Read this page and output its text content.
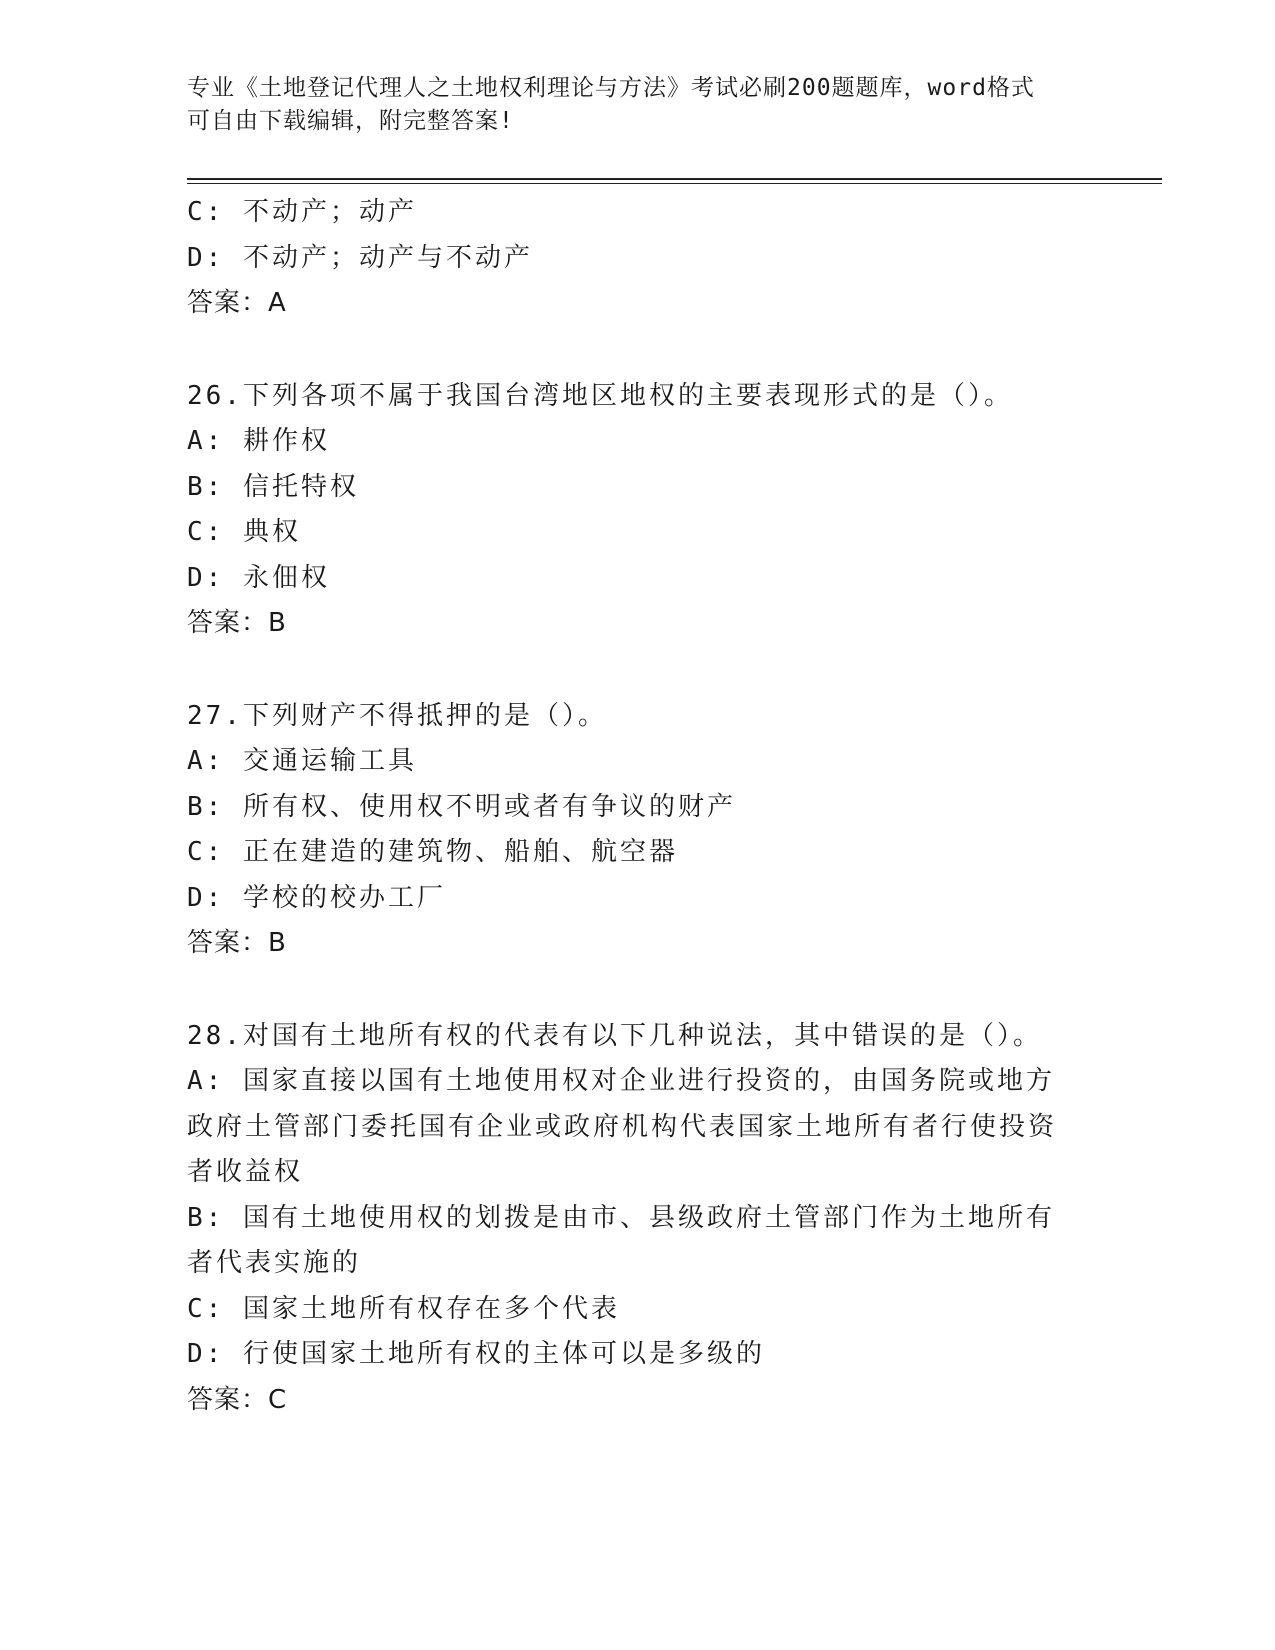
专业《土地登记代理人之土地权利理论与方法》考试必刷200题题库，word格式
可自由下载编辑，附完整答案!
C: 不动产；动产
D: 不动产；动产与不动产
答案：A
26.下列各项不属于我国台湾地区地权的主要表现形式的是（）。
A: 耕作权
B: 信托特权
C: 典权
D: 永佃权
答案：B
27.下列财产不得抵押的是（）。
A: 交通运输工具
B: 所有权、使用权不明或者有争议的财产
C: 正在建造的建筑物、船舶、航空器
D: 学校的校办工厂
答案：B
28.对国有土地所有权的代表有以下几种说法，其中错误的是（）。
A: 国家直接以国有土地使用权对企业进行投资的，由国务院或地方政府土管部门委托国有企业或政府机构代表国家土地所有者行使投资者收益权
B: 国有土地使用权的划拨是由市、县级政府土管部门作为土地所有者代表实施的
C: 国家土地所有权存在多个代表
D: 行使国家土地所有权的主体可以是多级的
答案：C
